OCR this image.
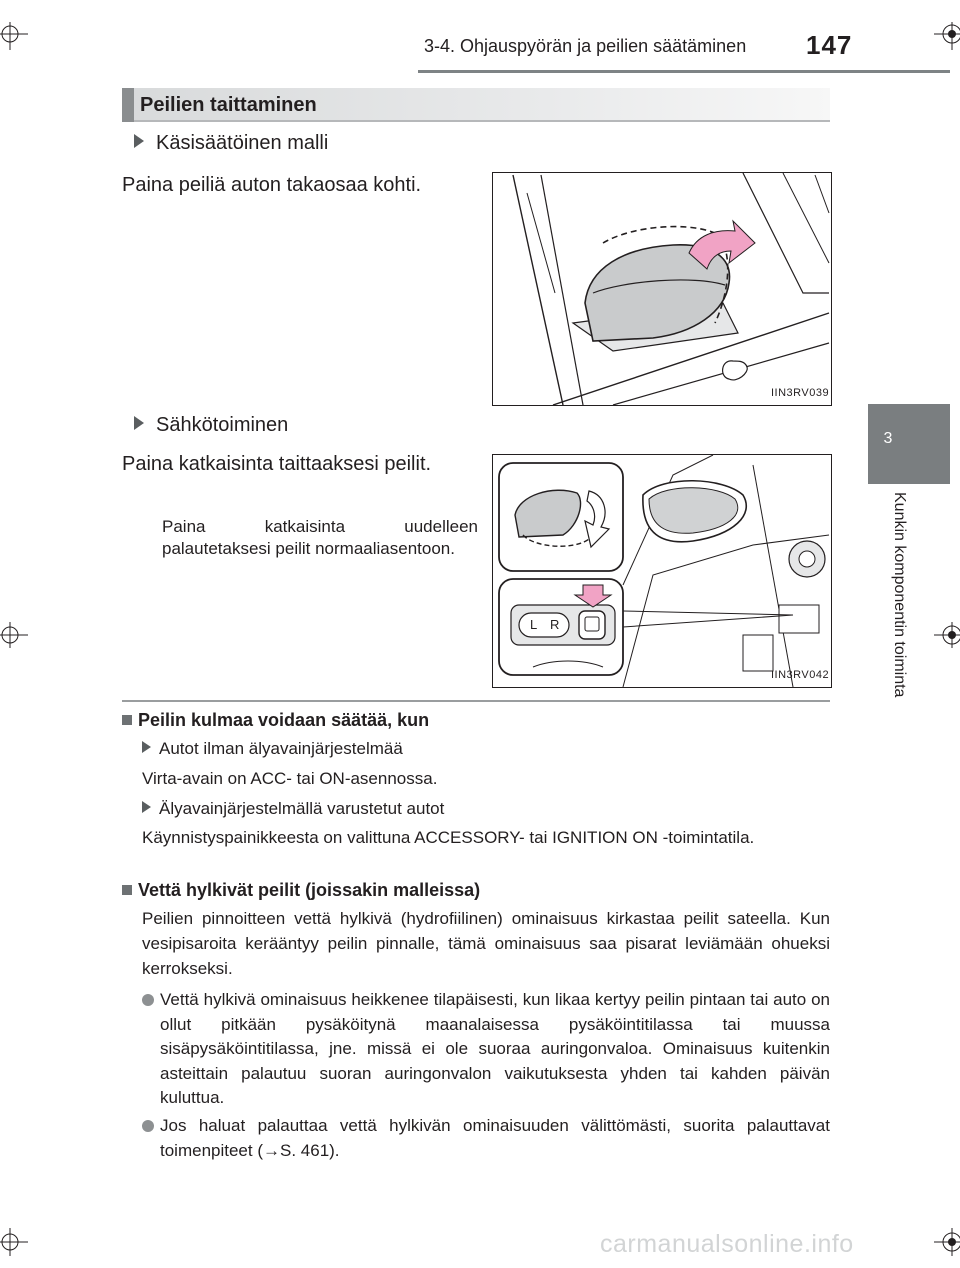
3-4. Ohjauspyörän ja peilien säätäminen 147
3
Kunkin komponentin toiminta
Peilien taittaminen
Käsisäätöinen malli
Paina peiliä auton takaosaa kohti.
IIN3RV039
Sähkötoiminen
Paina katkaisinta taittaaksesi peilit.
Paina katkaisinta uudelleen palautetaksesi peilit normaaliasentoon.
L R
IIN3RV042
Peilin kulmaa voidaan säätää, kun
Autot ilman älyavainjärjestelmää
Virta-avain on ACC- tai ON-asennossa.
Älyavainjärjestelmällä varustetut autot
Käynnistyspainikkeesta on valittuna ACCESSORY- tai IGNITION ON -toimintatila.
Vettä hylkivät peilit (joissakin malleissa)
Peilien pinnoitteen vettä hylkivä (hydrofiilinen) ominaisuus kirkastaa peilit sateella. Kun vesipisaroita kerääntyy peilin pinnalle, tämä ominaisuus saa pisarat leviämään ohueksi kerrokseksi.
Vettä hylkivä ominaisuus heikkenee tilapäisesti, kun likaa kertyy peilin pintaan tai auto on ollut pitkään pysäköitynä maanalaisessa pysäköintitilassa tai muussa sisäpysäköintitilassa, jne. missä ei ole suoraa auringonvaloa. Ominaisuus kuitenkin asteittain palautuu suoran auringonvalon vaikutuksesta yhden tai kahden päivän kuluttua.
Jos haluat palauttaa vettä hylkivän ominaisuuden välittömästi, suorita palauttavat toimenpiteet (→S. 461).
carmanualsonline.info
